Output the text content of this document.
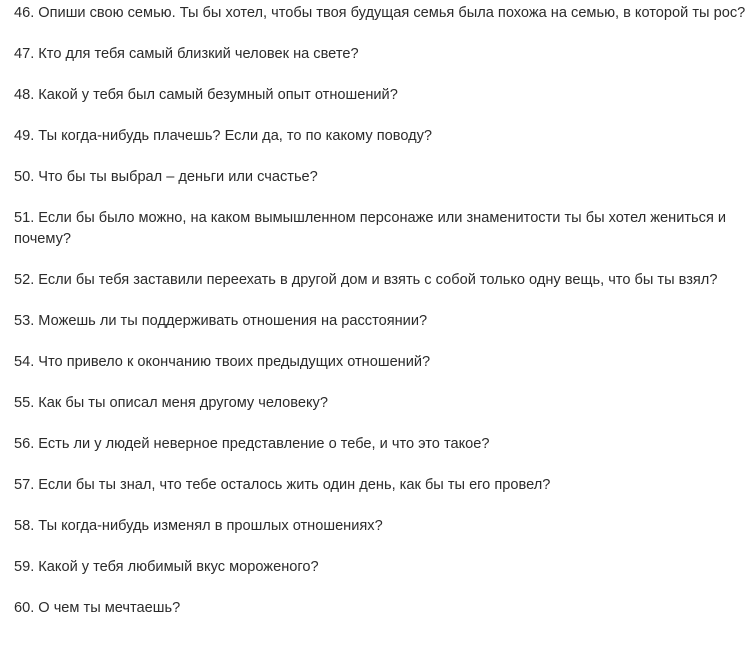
46. Опиши свою семью. Ты бы хотел, чтобы твоя будущая семья была похожа на семью, в которой ты рос?

47. Кто для тебя самый близкий человек на свете?

48. Какой у тебя был самый безумный опыт отношений?

49. Ты когда-нибудь плачешь? Если да, то по какому поводу?

50. Что бы ты выбрал – деньги или счастье?

51. Если бы было можно, на каком вымышленном персонаже или знаменитости ты бы хотел жениться и почему?

52. Если бы тебя заставили переехать в другой дом и взять с собой только одну вещь, что бы ты взял?

53. Можешь ли ты поддерживать отношения на расстоянии?

54. Что привело к окончанию твоих предыдущих отношений?

55. Как бы ты описал меня другому человеку?

56. Есть ли у людей неверное представление о тебе, и что это такое?

57. Если бы ты знал, что тебе осталось жить один день, как бы ты его провел?

58. Ты когда-нибудь изменял в прошлых отношениях?

59. Какой у тебя любимый вкус мороженого?

60. О чем ты мечтаешь?
